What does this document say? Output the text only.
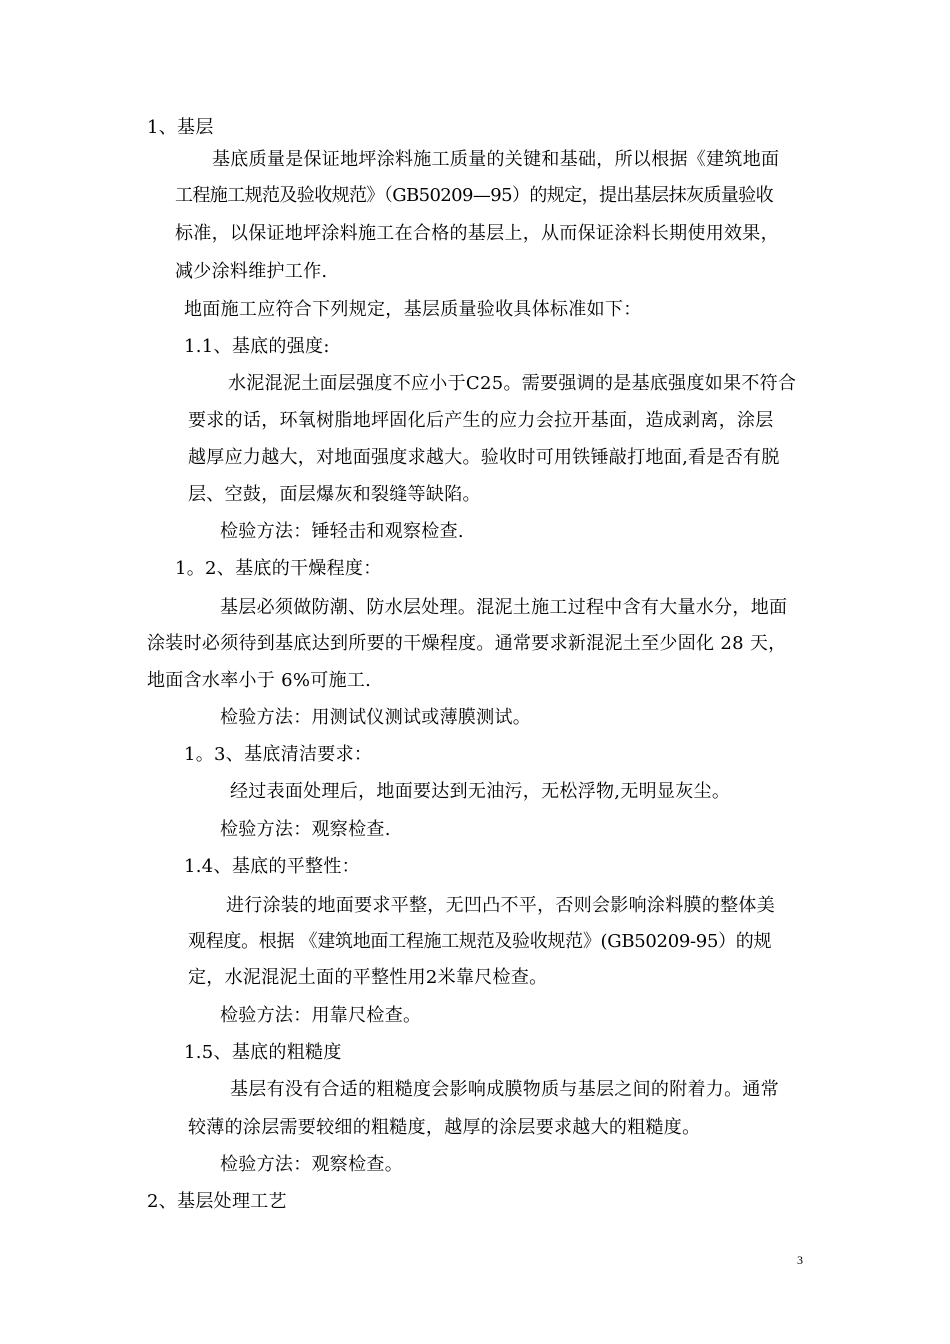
1、基层
基底质量是保证地坪涂料施工质量的关键和基础，所以根据《建筑地面
工程施工规范及验收规范》（GB50209—95）的规定，提出基层抹灰质量验收
标准，以保证地坪涂料施工在合格的基层上，从而保证涂料长期使用效果，
减少涂料维护工作.
地面施工应符合下列规定，基层质量验收具体标准如下：
1.1、基底的强度:
水泥混泥土面层强度不应小于C25。需要强调的是基底强度如果不符合
要求的话，环氧树脂地坪固化后产生的应力会拉开基面，造成剥离，涂层
越厚应力越大，对地面强度求越大。验收时可用铁锤敲打地面,看是否有脱
层、空鼓，面层爆灰和裂缝等缺陷。
检验方法：锤轻击和观察检查.
1。2、基底的干燥程度：
基层必须做防潮、防水层处理。混泥土施工过程中含有大量水分，地面
涂装时必须待到基底达到所要的干燥程度。通常要求新混泥土至少固化 28 天，
地面含水率小于 6%可施工.
检验方法：用测试仪测试或薄膜测试。
1。3、基底清洁要求：
经过表面处理后，地面要达到无油污，无松浮物,无明显灰尘。
检验方法：观察检查.
1.4、基底的平整性：
进行涂装的地面要求平整，无凹凸不平，否则会影响涂料膜的整体美
观程度。根据 《建筑地面工程施工规范及验收规范》(GB50209-95）的规
定，水泥混泥土面的平整性用2米靠尺检查。
检验方法：用靠尺检查。
1.5、基底的粗糙度
基层有没有合适的粗糙度会影响成膜物质与基层之间的附着力。通常
较薄的涂层需要较细的粗糙度，越厚的涂层要求越大的粗糙度。
检验方法：观察检查。
2、基层处理工艺
3
